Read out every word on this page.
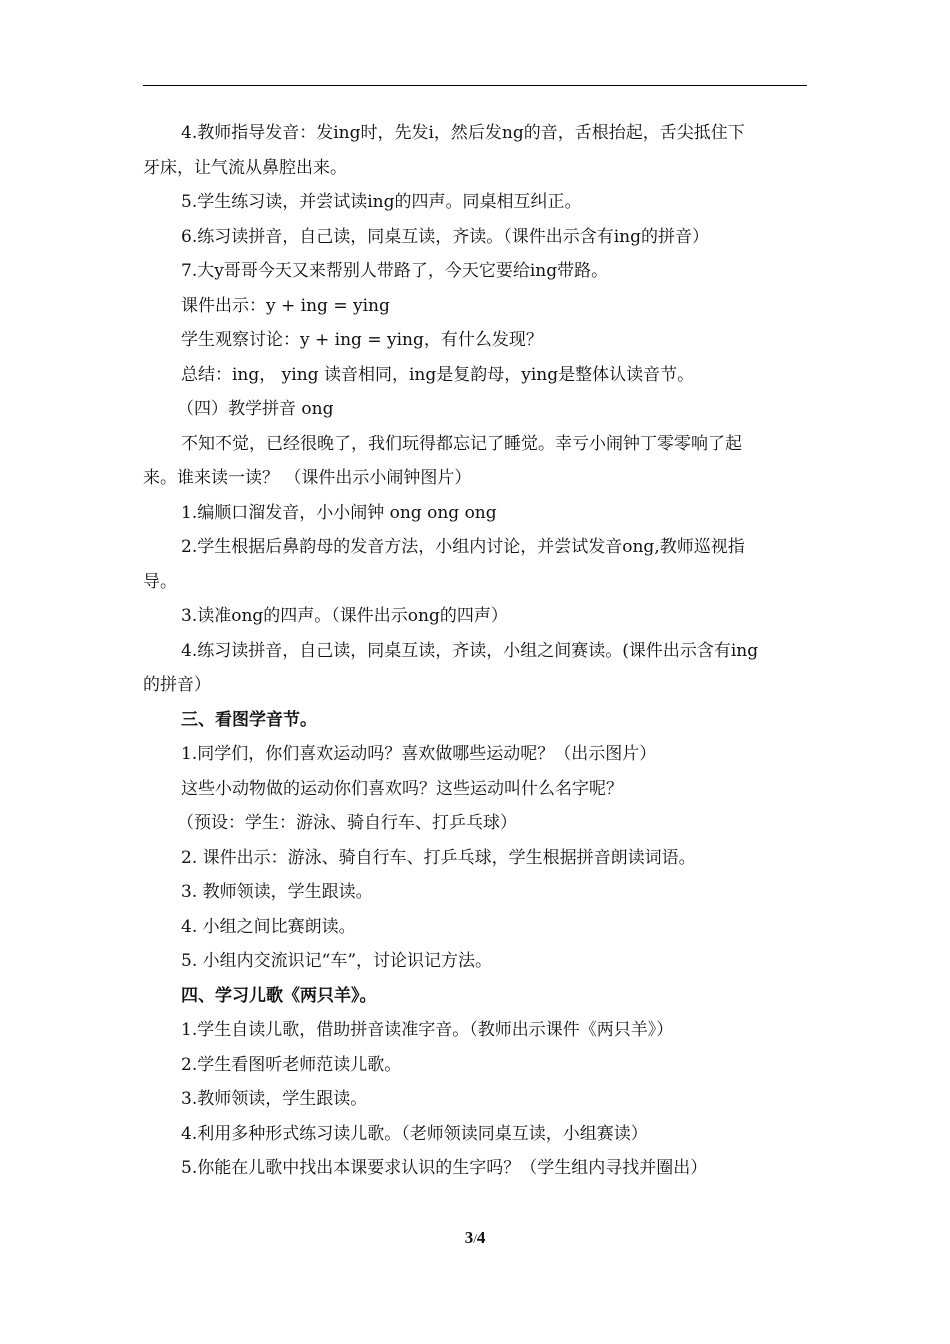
4.教师指导发音：发ing时，先发i，然后发ng的音，舌根抬起，舌尖抵住下
牙床，让气流从鼻腔出来。
5.学生练习读，并尝试读ing的四声。同桌相互纠正。
6.练习读拼音，自己读，同桌互读，齐读。（课件出示含有ing的拼音）
7.大y哥哥今天又来帮别人带路了，今天它要给ing带路。
课件出示：y + ing = ying
学生观察讨论：y + ing = ying，有什么发现？
总结：ing， ying 读音相同，ing是复韵母，ying是整体认读音节。
（四）教学拼音 ong
不知不觉，已经很晚了，我们玩得都忘记了睡觉。幸亏小闹钟丁零零响了起
来。谁来读一读？ （课件出示小闹钟图片）
1.编顺口溜发音，小小闹钟 ong ong ong
2.学生根据后鼻韵母的发音方法，小组内讨论，并尝试发音ong,教师巡视指
导。
3.读准ong的四声。（课件出示ong的四声）
4.练习读拼音，自己读，同桌互读，齐读，小组之间赛读。(课件出示含有ing
的拼音）
三、看图学音节。
1.同学们，你们喜欢运动吗？喜欢做哪些运动呢？（出示图片）
这些小动物做的运动你们喜欢吗？这些运动叫什么名字呢？
（预设：学生：游泳、骑自行车、打乒乓球）
2. 课件出示：游泳、骑自行车、打乒乓球，学生根据拼音朗读词语。
3. 教师领读，学生跟读。
4. 小组之间比赛朗读。
5. 小组内交流识记“车”，讨论识记方法。
四、学习儿歌《两只羊》。
1.学生自读儿歌，借助拼音读准字音。（教师出示课件《两只羊》）
2.学生看图听老师范读儿歌。
3.教师领读，学生跟读。
4.利用多种形式练习读儿歌。（老师领读同桌互读，小组赛读）
5.你能在儿歌中找出本课要求认识的生字吗？（学生组内寻找并圈出）
3/4
